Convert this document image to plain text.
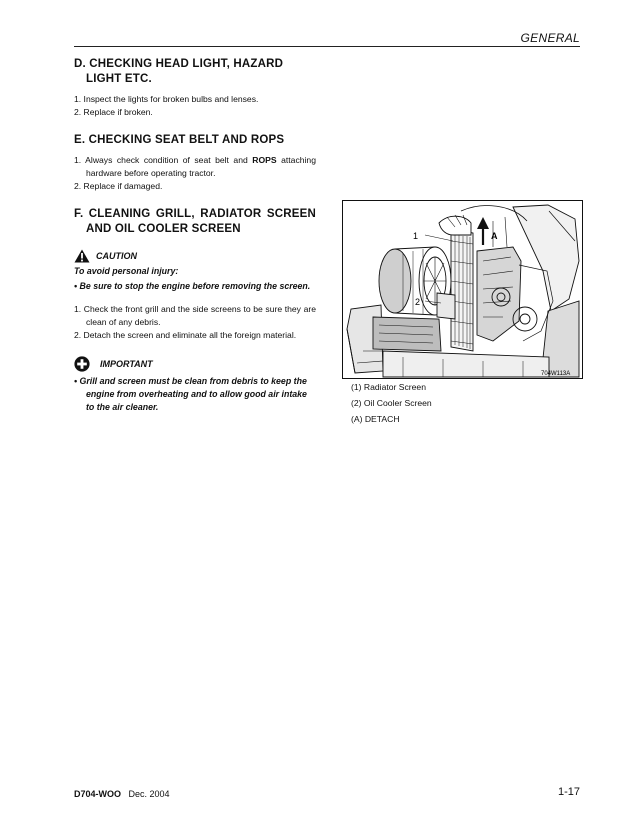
GENERAL
D. CHECKING HEAD LIGHT, HAZARD LIGHT ETC.

1. Inspect the lights for broken bulbs and lenses.

2. Replace if broken.

E. CHECKING SEAT BELT AND ROPS

1. Always check condition of seat belt and ROPS attaching hardware before operating tractor.

2. Replace if damaged.

F. CLEANING GRILL, RADIATOR SCREEN AND OIL COOLER SCREEN
CAUTION
To avoid personal injury:
• Be sure to stop the engine before removing the screen.

1. Check the front grill and the side screens to be sure they are clean of any debris.

2. Detach the screen and eliminate all the foreign material.

IMPORTANT
• Grill and screen must be clean from debris to keep the engine from overheating and to allow good air intake to the air cleaner.
1
2
A
704W113A
(1) Radiator Screen
(2) Oil Cooler Screen
(A) DETACH
D704-WOO Dec. 2004	1-17
